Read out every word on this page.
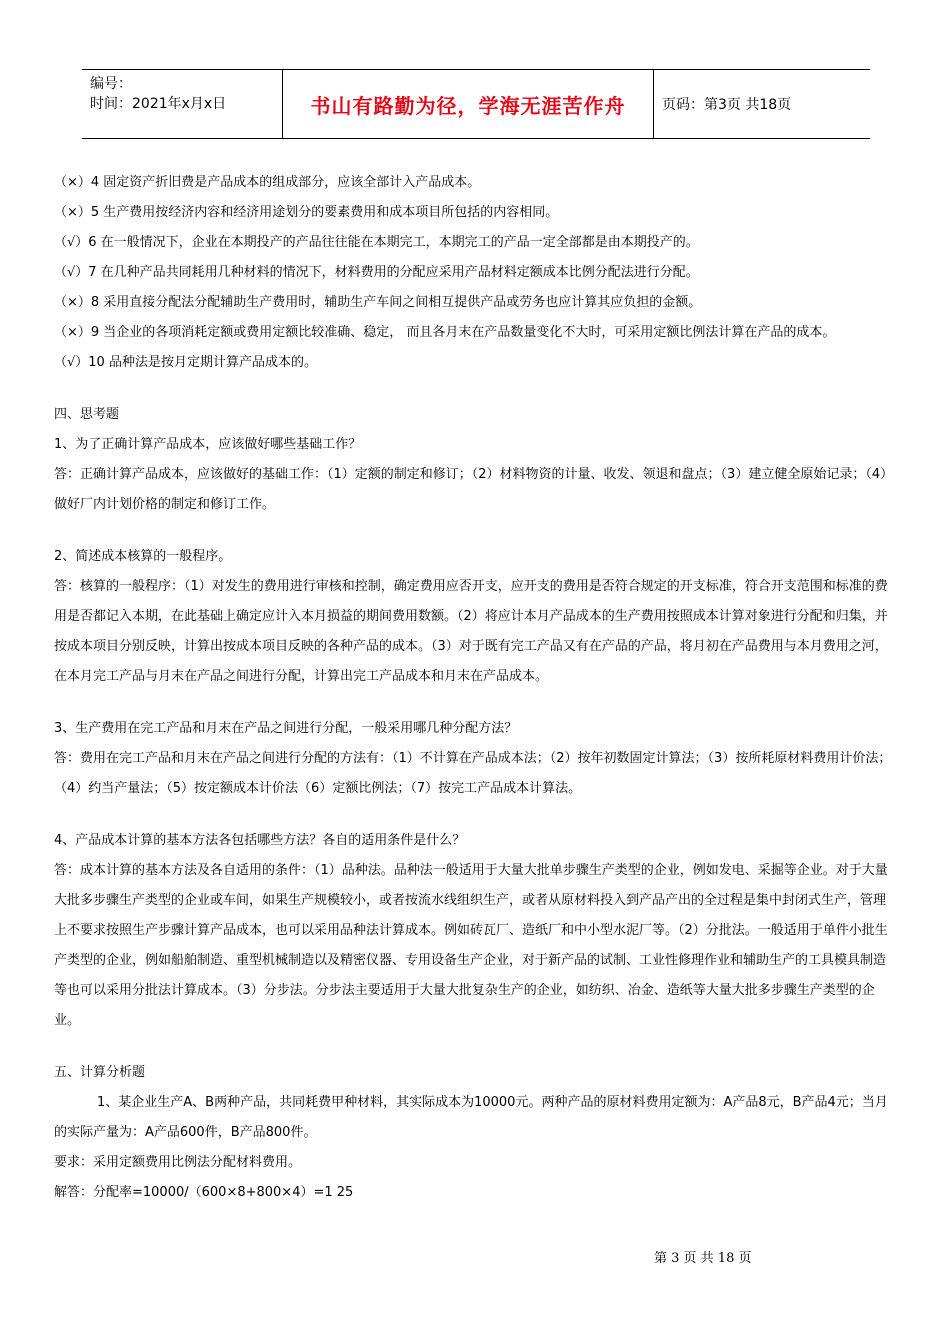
编号：
时间：2021年x月x日	书山有路勤为径，学海无涯苦作舟	页码：第3页 共18页

（×）4 固定资产折旧费是产品成本的组成部分，应该全部计入产品成本。

（×）5 生产费用按经济内容和经济用途划分的要素费用和成本项目所包括的内容相同。

（√）6 在一般情况下，企业在本期投产的产品往往能在本期完工，本期完工的产品一定全部都是由本期投产的。

（√）7 在几种产品共同耗用几种材料的情况下，材料费用的分配应采用产品材料定额成本比例分配法进行分配。

（×）8 采用直接分配法分配辅助生产费用时，辅助生产车间之间相互提供产品或劳务也应计算其应负担的金额。

（×）9 当企业的各项消耗定额或费用定额比较准确、稳定， 而且各月末在产品数量变化不大时，可采用定额比例法计算在产品的成本。

（√）10 品种法是按月定期计算产品成本的。

四、思考题

1、为了正确计算产品成本，应该做好哪些基础工作？

答：正确计算产品成本，应该做好的基础工作：（1）定额的制定和修订；（2）材料物资的计量、收发、领退和盘点；（3）建立健全原始记录；（4）做好厂内计划价格的制定和修订工作。

2、简述成本核算的一般程序。

答：核算的一般程序：（1）对发生的费用进行审核和控制，确定费用应否开支，应开支的费用是否符合规定的开支标准，符合开支范围和标准的费用是否都记入本期，在此基础上确定应计入本月损益的期间费用数额。（2）将应计本月产品成本的生产费用按照成本计算对象进行分配和归集，并按成本项目分别反映，计算出按成本项目反映的各种产品的成本。（3）对于既有完工产品又有在产品的产品，将月初在产品费用与本月费用之河，在本月完工产品与月末在产品之间进行分配，计算出完工产品成本和月末在产品成本。

3、生产费用在完工产品和月末在产品之间进行分配，一般采用哪几种分配方法？

答：费用在完工产品和月末在产品之间进行分配的方法有：（1）不计算在产品成本法；（2）按年初数固定计算法；（3）按所耗原材料费用计价法；（4）约当产量法；（5）按定额成本计价法（6）定额比例法；（7）按完工产品成本计算法。

4、产品成本计算的基本方法各包括哪些方法？各自的适用条件是什么？

答：成本计算的基本方法及各自适用的条件：（1）品种法。品种法一般适用于大量大批单步骤生产类型的企业，例如发电、采掘等企业。对于大量大批多步骤生产类型的企业或车间，如果生产规模较小，或者按流水线组织生产，或者从原材料投入到产品产出的全过程是集中封闭式生产，管理上不要求按照生产步骤计算产品成本，也可以采用品种法计算成本。例如砖瓦厂、造纸厂和中小型水泥厂等。（2）分批法。一般适用于单件小批生产类型的企业，例如船舶制造、重型机械制造以及精密仪器、专用设备生产企业，对于新产品的试制、工业性修理作业和辅助生产的工具模具制造等也可以采用分批法计算成本。（3）分步法。分步法主要适用于大量大批复杂生产的企业，如纺织、冶金、造纸等大量大批多步骤生产类型的企业。

五、计算分析题

1、某企业生产A、B两种产品，共同耗费甲种材料，其实际成本为10000元。两种产品的原材料费用定额为：A产品8元，B产品4元；当月的实际产量为：A产品600件，B产品800件。

要求：采用定额费用比例法分配材料费用。

解答：分配率=10000/（600×8+800×4）=1 25

第 3 页 共 18 页
